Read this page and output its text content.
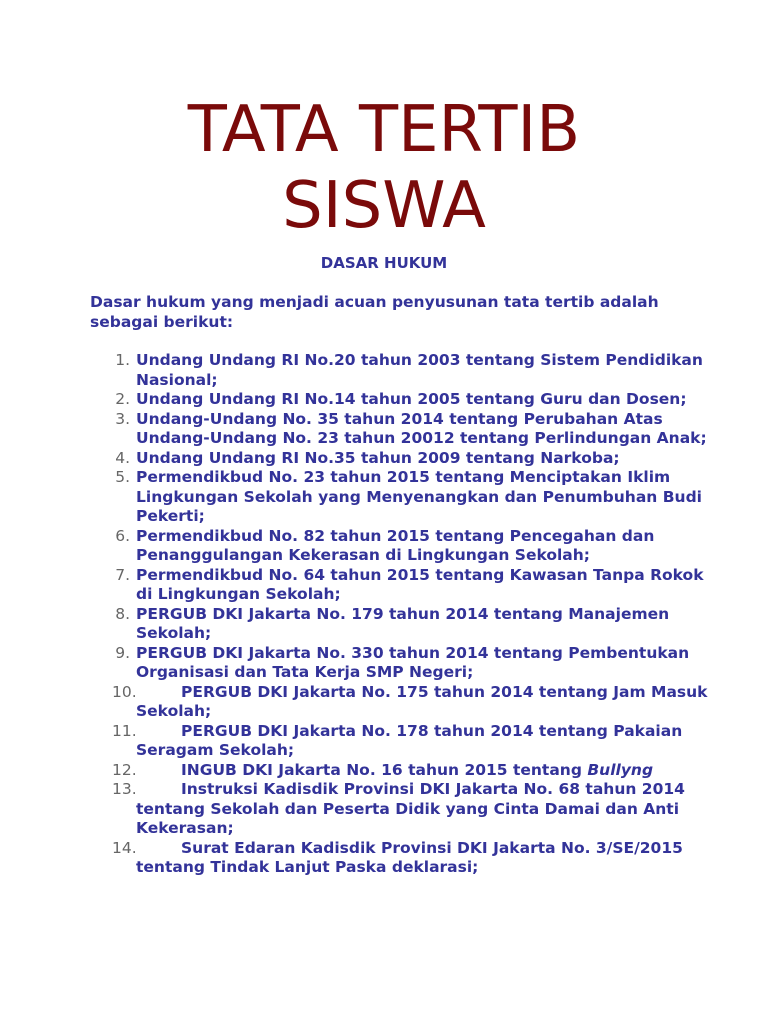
TATA TERTIB
SISWA

DASAR HUKUM

Dasar hukum yang menjadi acuan penyusunan tata tertib adalah sebagai berikut:

1. Undang Undang RI No.20 tahun 2003 tentang Sistem Pendidikan Nasional;
2. Undang Undang RI No.14 tahun 2005 tentang Guru dan Dosen;
3. Undang-Undang No. 35 tahun 2014 tentang Perubahan Atas Undang-Undang No. 23 tahun 20012 tentang Perlindungan Anak;
4. Undang Undang RI No.35 tahun 2009 tentang Narkoba;
5. Permendikbud No. 23 tahun 2015 tentang Menciptakan Iklim Lingkungan Sekolah yang Menyenangkan dan Penumbuhan Budi Pekerti;
6. Permendikbud No. 82 tahun 2015 tentang Pencegahan dan Penanggulangan Kekerasan di Lingkungan Sekolah;
7. Permendikbud No. 64 tahun 2015 tentang Kawasan Tanpa Rokok di Lingkungan Sekolah;
8. PERGUB DKI Jakarta No. 179 tahun 2014 tentang Manajemen Sekolah;
9. PERGUB DKI Jakarta No. 330 tahun 2014 tentang Pembentukan Organisasi dan Tata Kerja SMP Negeri;
10.	PERGUB DKI Jakarta No. 175 tahun 2014 tentang Jam Masuk Sekolah;
11.	PERGUB DKI Jakarta No. 178 tahun 2014 tentang Pakaian Seragam Sekolah;
12.	INGUB DKI Jakarta No. 16 tahun 2015 tentang Bullyng
13.	Instruksi Kadisdik Provinsi DKI Jakarta No. 68 tahun 2014 tentang Sekolah dan Peserta Didik yang Cinta Damai dan Anti Kekerasan;
14.	Surat Edaran Kadisdik Provinsi DKI Jakarta No. 3/SE/2015 tentang Tindak Lanjut Paska deklarasi;
